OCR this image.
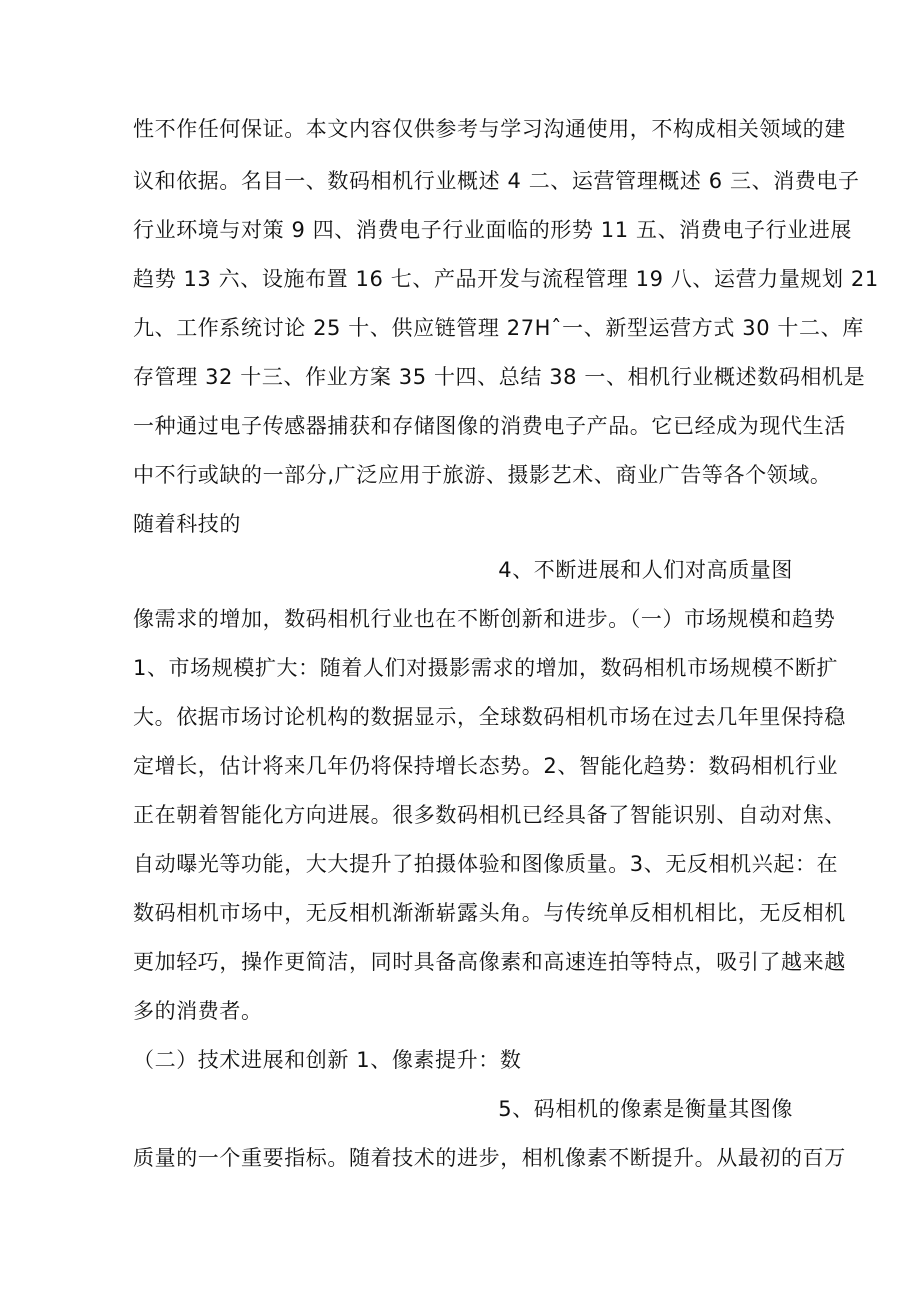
性不作任何保证。本文内容仅供参考与学习沟通使用，不构成相关领域的建
议和依据。名目一、数码相机行业概述 4 二、运营管理概述 6 三、消费电子
行业环境与对策 9 四、消费电子行业面临的形势 11 五、消费电子行业进展
趋势 13 六、设施布置 16 七、产品开发与流程管理 19 八、运营力量规划 21
九、工作系统讨论 25 十、供应链管理 27Hˆ一、新型运营方式 30 十二、库
存管理 32 十三、作业方案 35 十四、总结 38 一、相机行业概述数码相机是
一种通过电子传感器捕获和存储图像的消费电子产品。它已经成为现代生活
中不行或缺的一部分,广泛应用于旅游、摄影艺术、商业广告等各个领域。
随着科技的
4、不断进展和人们对高质量图
像需求的增加，数码相机行业也在不断创新和进步。（一）市场规模和趋势
1、市场规模扩大：随着人们对摄影需求的增加，数码相机市场规模不断扩
大。依据市场讨论机构的数据显示，全球数码相机市场在过去几年里保持稳
定增长，估计将来几年仍将保持增长态势。2、智能化趋势：数码相机行业
正在朝着智能化方向进展。很多数码相机已经具备了智能识别、自动对焦、
自动曝光等功能，大大提升了拍摄体验和图像质量。3、无反相机兴起：在
数码相机市场中，无反相机渐渐崭露头角。与传统单反相机相比，无反相机
更加轻巧，操作更简洁，同时具备高像素和高速连拍等特点，吸引了越来越
多的消费者。
（二）技术进展和创新 1、像素提升：数
5、码相机的像素是衡量其图像
质量的一个重要指标。随着技术的进步，相机像素不断提升。从最初的百万
